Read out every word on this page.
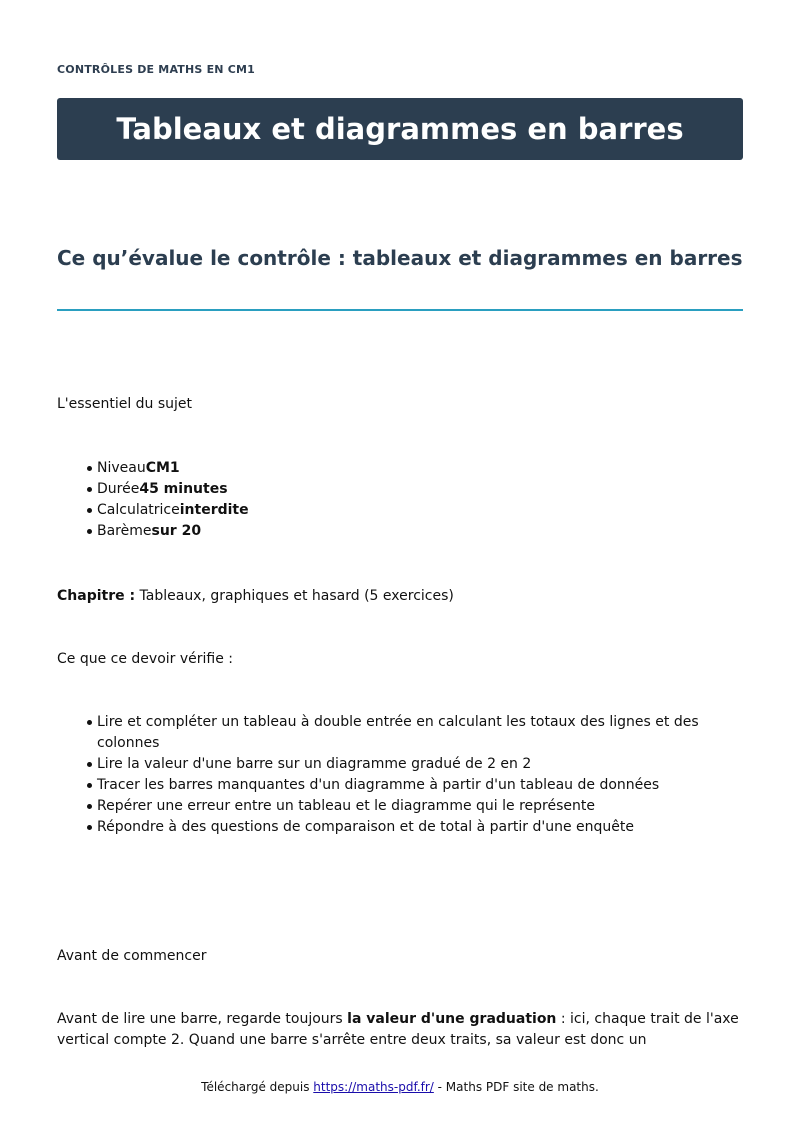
CONTRÔLES DE MATHS EN CM1
Tableaux et diagrammes en barres
Ce qu’évalue le contrôle : tableaux et diagrammes en barres
L'essentiel du sujet
NiveauCM1
Durée45 minutes
Calculatriceinterdite
Barèmesur 20
Chapitre : Tableaux, graphiques et hasard (5 exercices)
Ce que ce devoir vérifie :
Lire et compléter un tableau à double entrée en calculant les totaux des lignes et des colonnes
Lire la valeur d'une barre sur un diagramme gradué de 2 en 2
Tracer les barres manquantes d'un diagramme à partir d'un tableau de données
Repérer une erreur entre un tableau et le diagramme qui le représente
Répondre à des questions de comparaison et de total à partir d'une enquête
Avant de commencer
Avant de lire une barre, regarde toujours la valeur d'une graduation : ici, chaque trait de l'axe vertical compte 2. Quand une barre s'arrête entre deux traits, sa valeur est donc un
Téléchargé depuis https://maths-pdf.fr/ - Maths PDF site de maths.
